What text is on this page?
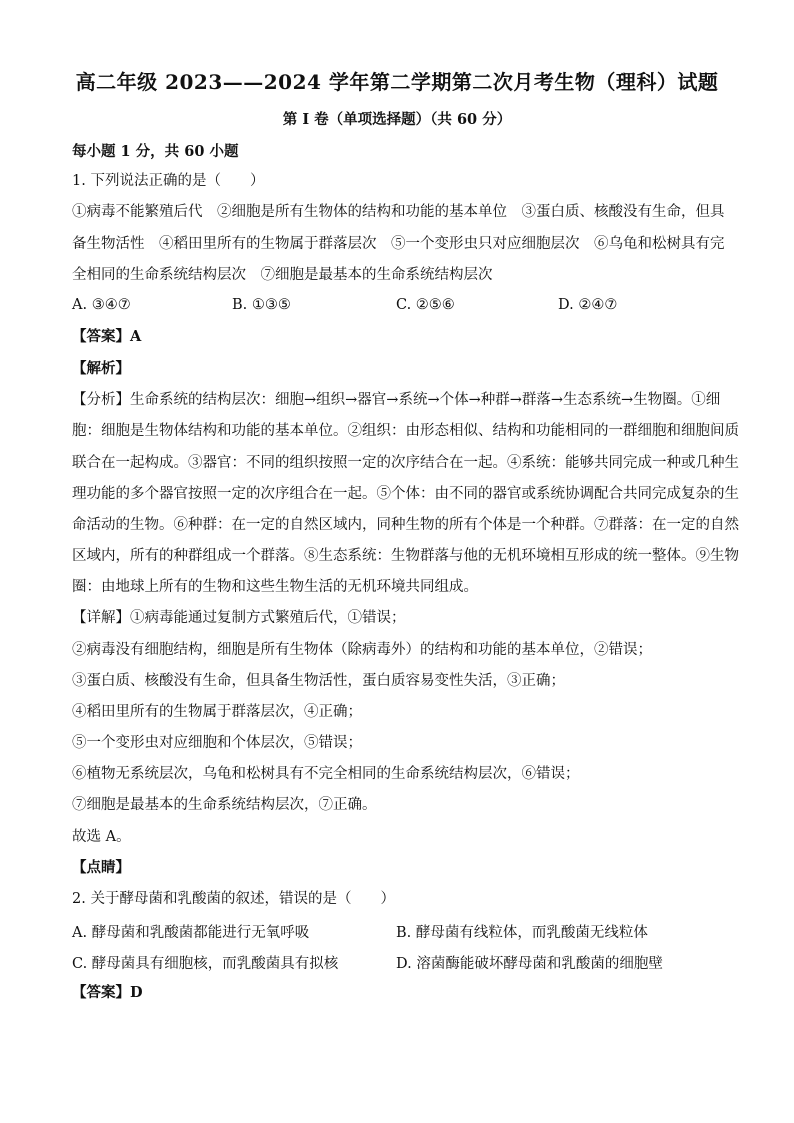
高二年级 2023——2024 学年第二学期第二次月考生物（理科）试题
第 I 卷（单项选择题）（共 60 分）
每小题 1 分，共 60 小题
1. 下列说法正确的是（　　）
①病毒不能繁殖后代　②细胞是所有生物体的结构和功能的基本单位　③蛋白质、核酸没有生命，但具
备生物活性　④稻田里所有的生物属于群落层次　⑤一个变形虫只对应细胞层次　⑥乌龟和松树具有完
全相同的生命系统结构层次　⑦细胞是最基本的生命系统结构层次
A. ③④⑦	B. ①③⑤	C. ②⑤⑥	D. ②④⑦
【答案】A
【解析】
【分析】生命系统的结构层次：细胞→组织→器官→系统→个体→种群→群落→生态系统→生物圈。①细
胞：细胞是生物体结构和功能的基本单位。②组织：由形态相似、结构和功能相同的一群细胞和细胞间质
联合在一起构成。③器官：不同的组织按照一定的次序结合在一起。④系统：能够共同完成一种或几种生
理功能的多个器官按照一定的次序组合在一起。⑤个体：由不同的器官或系统协调配合共同完成复杂的生
命活动的生物。⑥种群：在一定的自然区域内，同种生物的所有个体是一个种群。⑦群落：在一定的自然
区域内，所有的种群组成一个群落。⑧生态系统：生物群落与他的无机环境相互形成的统一整体。⑨生物
圈：由地球上所有的生物和这些生物生活的无机环境共同组成。
【详解】①病毒能通过复制方式繁殖后代，①错误；
②病毒没有细胞结构，细胞是所有生物体（除病毒外）的结构和功能的基本单位，②错误；
③蛋白质、核酸没有生命，但具备生物活性，蛋白质容易变性失活，③正确；
④稻田里所有的生物属于群落层次，④正确；
⑤一个变形虫对应细胞和个体层次，⑤错误；
⑥植物无系统层次，乌龟和松树具有不完全相同的生命系统结构层次，⑥错误；
⑦细胞是最基本的生命系统结构层次，⑦正确。
故选 A。
【点睛】
2. 关于酵母菌和乳酸菌的叙述，错误的是（　　）
A. 酵母菌和乳酸菌都能进行无氧呼吸	B. 酵母菌有线粒体，而乳酸菌无线粒体
C. 酵母菌具有细胞核，而乳酸菌具有拟核	D. 溶菌酶能破坏酵母菌和乳酸菌的细胞壁
【答案】D
